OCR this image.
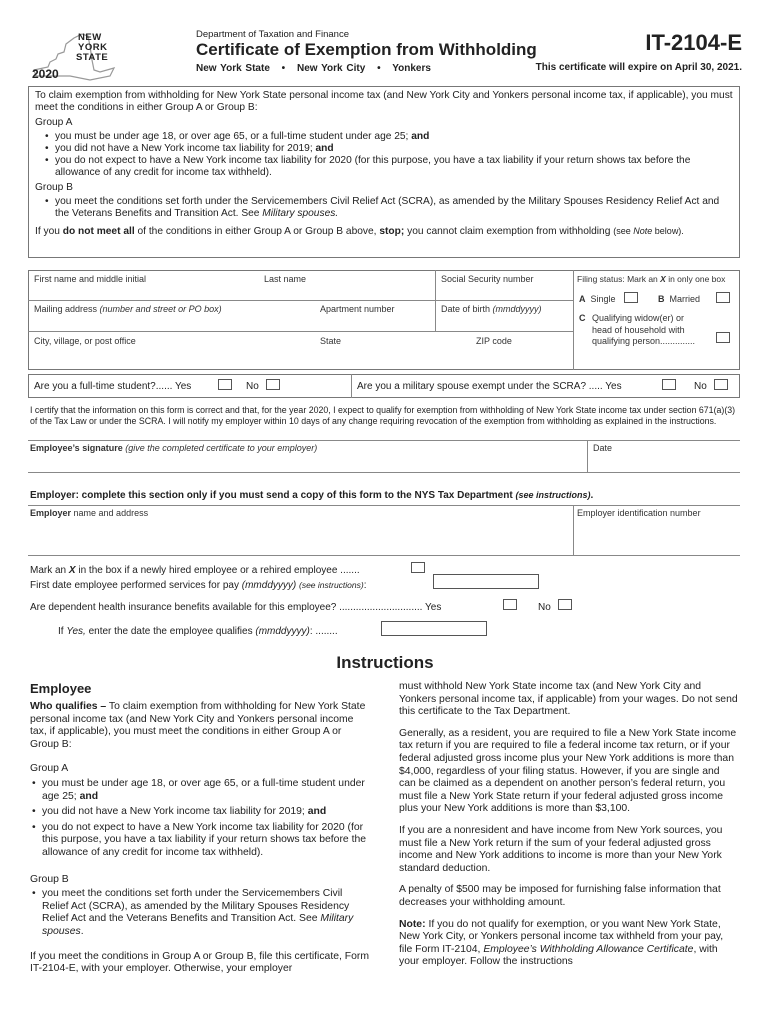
NEW
YORK
STATE
2020
Department of Taxation and Finance
Certificate of Exemption from Withholding
New York State • New York City • Yonkers
IT-2104-E
This certificate will expire on April 30, 2021.
To claim exemption from withholding for New York State personal income tax (and New York City and Yonkers personal income tax, if applicable), you must meet the conditions in either Group A or Group B:
Group A
• you must be under age 18, or over age 65, or a full-time student under age 25; and
• you did not have a New York income tax liability for 2019; and
• you do not expect to have a New York income tax liability for 2020 (for this purpose, you have a tax liability if your return shows tax before the allowance of any credit for income tax withheld).
Group B
• you meet the conditions set forth under the Servicemembers Civil Relief Act (SCRA), as amended by the Military Spouses Residency Relief Act and the Veterans Benefits and Transition Act. See Military spouses.
If you do not meet all of the conditions in either Group A or Group B above, stop; you cannot claim exemption from withholding (see Note below).
First name and middle initial	Last name	Social Security number	Filing status: Mark an X in only one box
A Single	B Married
C Qualifying widow(er) or
head of household with
qualifying person..............
Mailing address (number and street or PO box)	Apartment number	Date of birth (mmddyyyy)
City, village, or post office	State	ZIP code
Are you a full-time student?...... Yes	No	Are you a military spouse exempt under the SCRA? ..... Yes	No
I certify that the information on this form is correct and that, for the year 2020, I expect to qualify for exemption from withholding of New York State income tax under section 671(a)(3) of the Tax Law or under the SCRA. I will notify my employer within 10 days of any change requiring revocation of the exemption from withholding as explained in the instructions.
Employee’s signature (give the completed certificate to your employer)	Date
Employer: complete this section only if you must send a copy of this form to the NYS Tax Department (see instructions).
Employer name and address	Employer identification number
Mark an X in the box if a newly hired employee or a rehired employee .......
First date employee performed services for pay (mmddyyyy) (see instructions):
Are dependent health insurance benefits available for this employee? .............................. Yes	No
If Yes, enter the date the employee qualifies (mmddyyyy): ........
Instructions
Employee

Who qualifies – To claim exemption from withholding for New York State personal income tax (and New York City and Yonkers personal income tax, if applicable), you must meet the conditions in either Group A or Group B:

Group A
• you must be under age 18, or over age 65, or a full-time student under age 25; and
• you did not have a New York income tax liability for 2019; and
• you do not expect to have a New York income tax liability for 2020 (for this purpose, you have a tax liability if your return shows tax before the allowance of any credit for income tax withheld).
Group B
• you meet the conditions set forth under the Servicemembers Civil Relief Act (SCRA), as amended by the Military Spouses Residency Relief Act and the Veterans Benefits and Transition Act. See Military spouses.

If you meet the conditions in Group A or Group B, file this certificate, Form IT-2104-E, with your employer. Otherwise, your employer

must withhold New York State income tax (and New York City and Yonkers personal income tax, if applicable) from your wages. Do not send this certificate to the Tax Department.

Generally, as a resident, you are required to file a New York State income tax return if you are required to file a federal income tax return, or if your federal adjusted gross income plus your New York additions is more than $4,000, regardless of your filing status. However, if you are single and can be claimed as a dependent on another person’s federal return, you must file a New York State return if your federal adjusted gross income plus your New York additions is more than $3,100.

If you are a nonresident and have income from New York sources, you must file a New York return if the sum of your federal adjusted gross income and New York additions to income is more than your New York standard deduction.

A penalty of $500 may be imposed for furnishing false information that decreases your withholding amount.

Note: If you do not qualify for exemption, or you want New York State, New York City, or Yonkers personal income tax withheld from your pay, file Form IT-2104, Employee’s Withholding Allowance Certificate, with your employer. Follow the instructions
